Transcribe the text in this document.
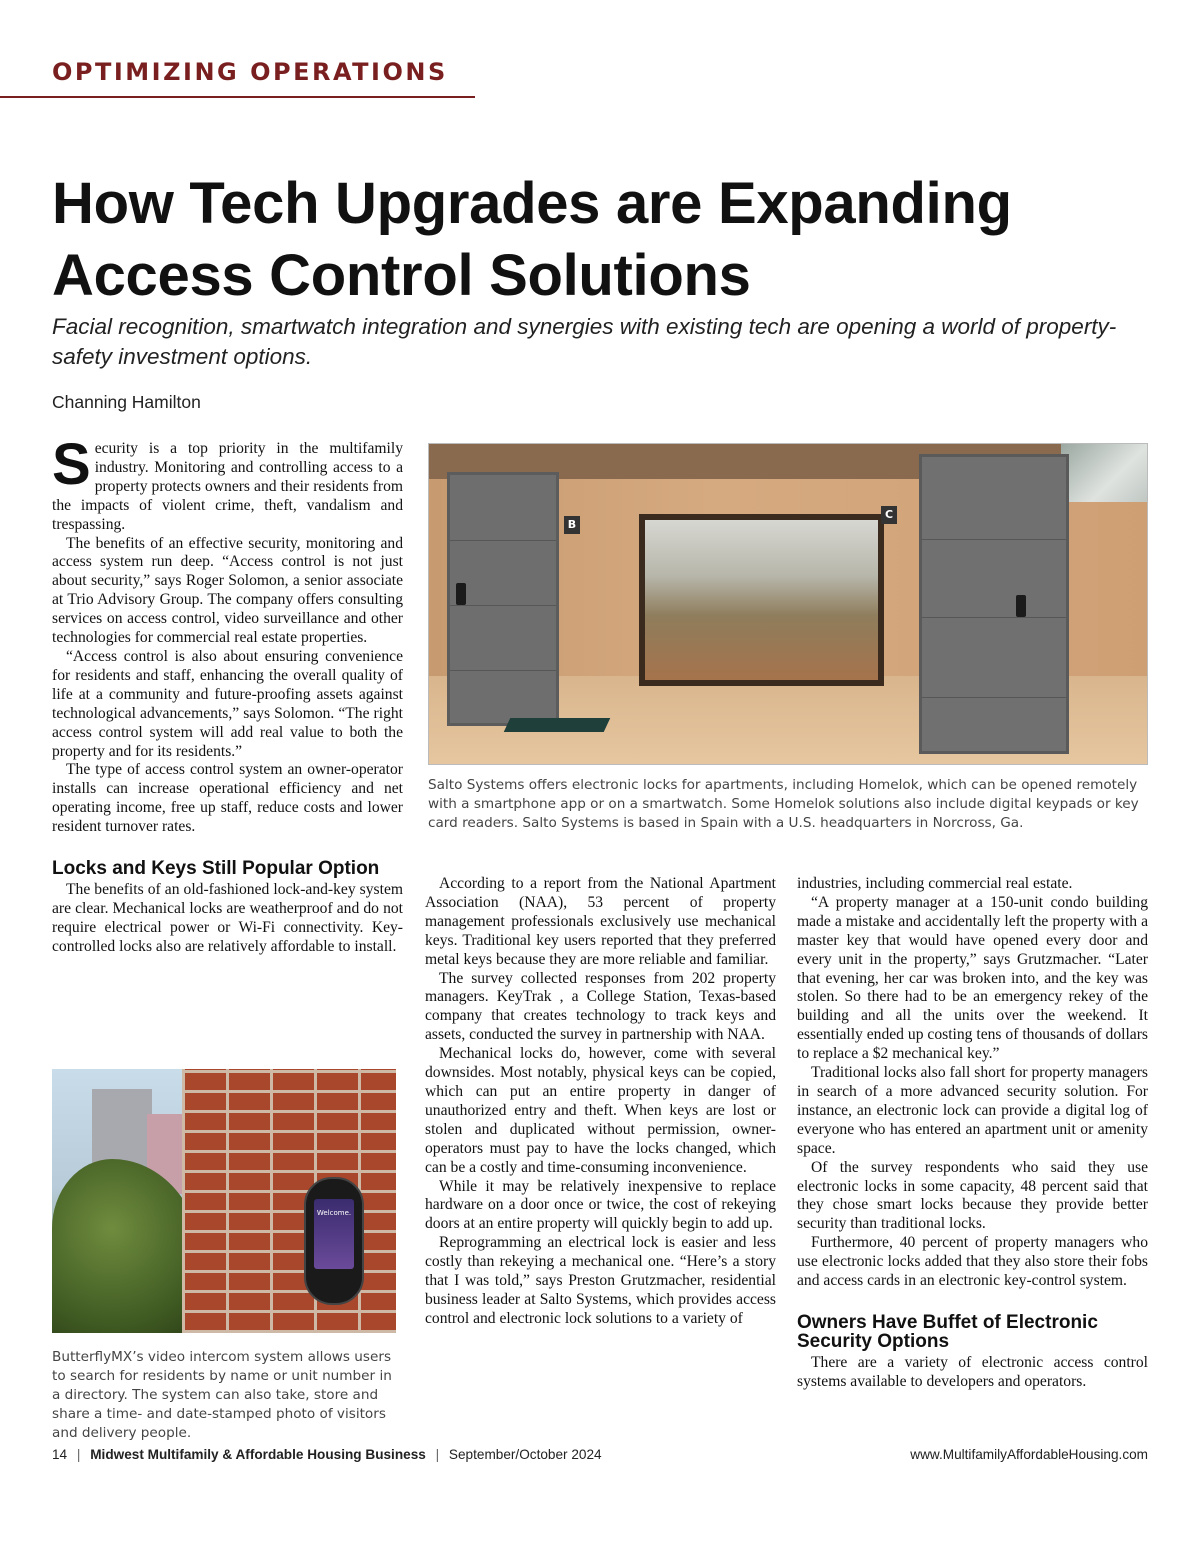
OPTIMIZING OPERATIONS
How Tech Upgrades are Expanding
Access Control Solutions
Facial recognition, smartwatch integration and synergies with existing tech are opening a world of property-safety investment options.
Channing Hamilton

Security is a top priority in the multifamily industry. Monitoring and controlling access to a property protects owners and their residents from the impacts of violent crime, theft, vandalism and trespassing.

The benefits of an effective security, monitoring and access system run deep. “Access control is not just about security,” says Roger Solomon, a senior associate at Trio Advisory Group. The company offers consulting services on access control, video surveillance and other technologies for commercial real estate properties.

“Access control is also about ensuring convenience for residents and staff, enhancing the overall quality of life at a community and future-proofing assets against technological advancements,” says Solomon. “The right access control system will add real value to both the property and for its residents.”

The type of access control system an owner-operator installs can increase operational efficiency and net operating income, free up staff, reduce costs and lower resident turnover rates.

Locks and Keys Still Popular Option

The benefits of an old-fashioned lock-and-key system are clear. Mechanical locks are weatherproof and do not require electrical power or Wi-Fi connectivity. Key-controlled locks also are relatively affordable to install.

B
C
Salto Systems offers electronic locks for apartments, including Homelok, which can be opened remotely with a smartphone app or on a smartwatch. Some Homelok solutions also include digital keypads or key card readers. Salto Systems is based in Spain with a U.S. headquarters in Norcross, Ga.
Welcome.
ButterflyMX’s video intercom system allows users to search for residents by name or unit number in a directory. The system can also take, store and share a time- and date-stamped photo of visitors and delivery people.

According to a report from the National Apartment Association (NAA), 53 percent of property management professionals exclusively use mechanical keys. Traditional key users reported that they preferred metal keys because they are more reliable and familiar.

The survey collected responses from 202 property managers. KeyTrak , a College Station, Texas-based company that creates technology to track keys and assets, conducted the survey in partnership with NAA.

Mechanical locks do, however, come with several downsides. Most notably, physical keys can be copied, which can put an entire property in danger of unauthorized entry and theft. When keys are lost or stolen and duplicated without permission, owner-operators must pay to have the locks changed, which can be a costly and time-consuming inconvenience.

While it may be relatively inexpensive to replace hardware on a door once or twice, the cost of rekeying doors at an entire property will quickly begin to add up.

Reprogramming an electrical lock is easier and less costly than rekeying a mechanical one. “Here’s a story that I was told,” says Preston Grutzmacher, residential business leader at Salto Systems, which provides access control and electronic lock solutions to a variety of

industries, including commercial real estate.

“A property manager at a 150-unit condo building made a mistake and accidentally left the property with a master key that would have opened every door and every unit in the property,” says Grutzmacher. “Later that evening, her car was broken into, and the key was stolen. So there had to be an emergency rekey of the building and all the units over the weekend. It essentially ended up costing tens of thousands of dollars to replace a $2 mechanical key.”

Traditional locks also fall short for property managers in search of a more advanced security solution. For instance, an electronic lock can provide a digital log of everyone who has entered an apartment unit or amenity space.

Of the survey respondents who said they use electronic locks in some capacity, 48 percent said that they chose smart locks because they provide better security than traditional locks.

Furthermore, 40 percent of property managers who use electronic locks added that they also store their fobs and access cards in an electronic key-control system.

Owners Have Buffet of Electronic Security Options

There are a variety of electronic access control systems available to developers and operators.

14 | Midwest Multifamily & Affordable Housing Business | September/October 2024	www.MultifamilyAffordableHousing.com
